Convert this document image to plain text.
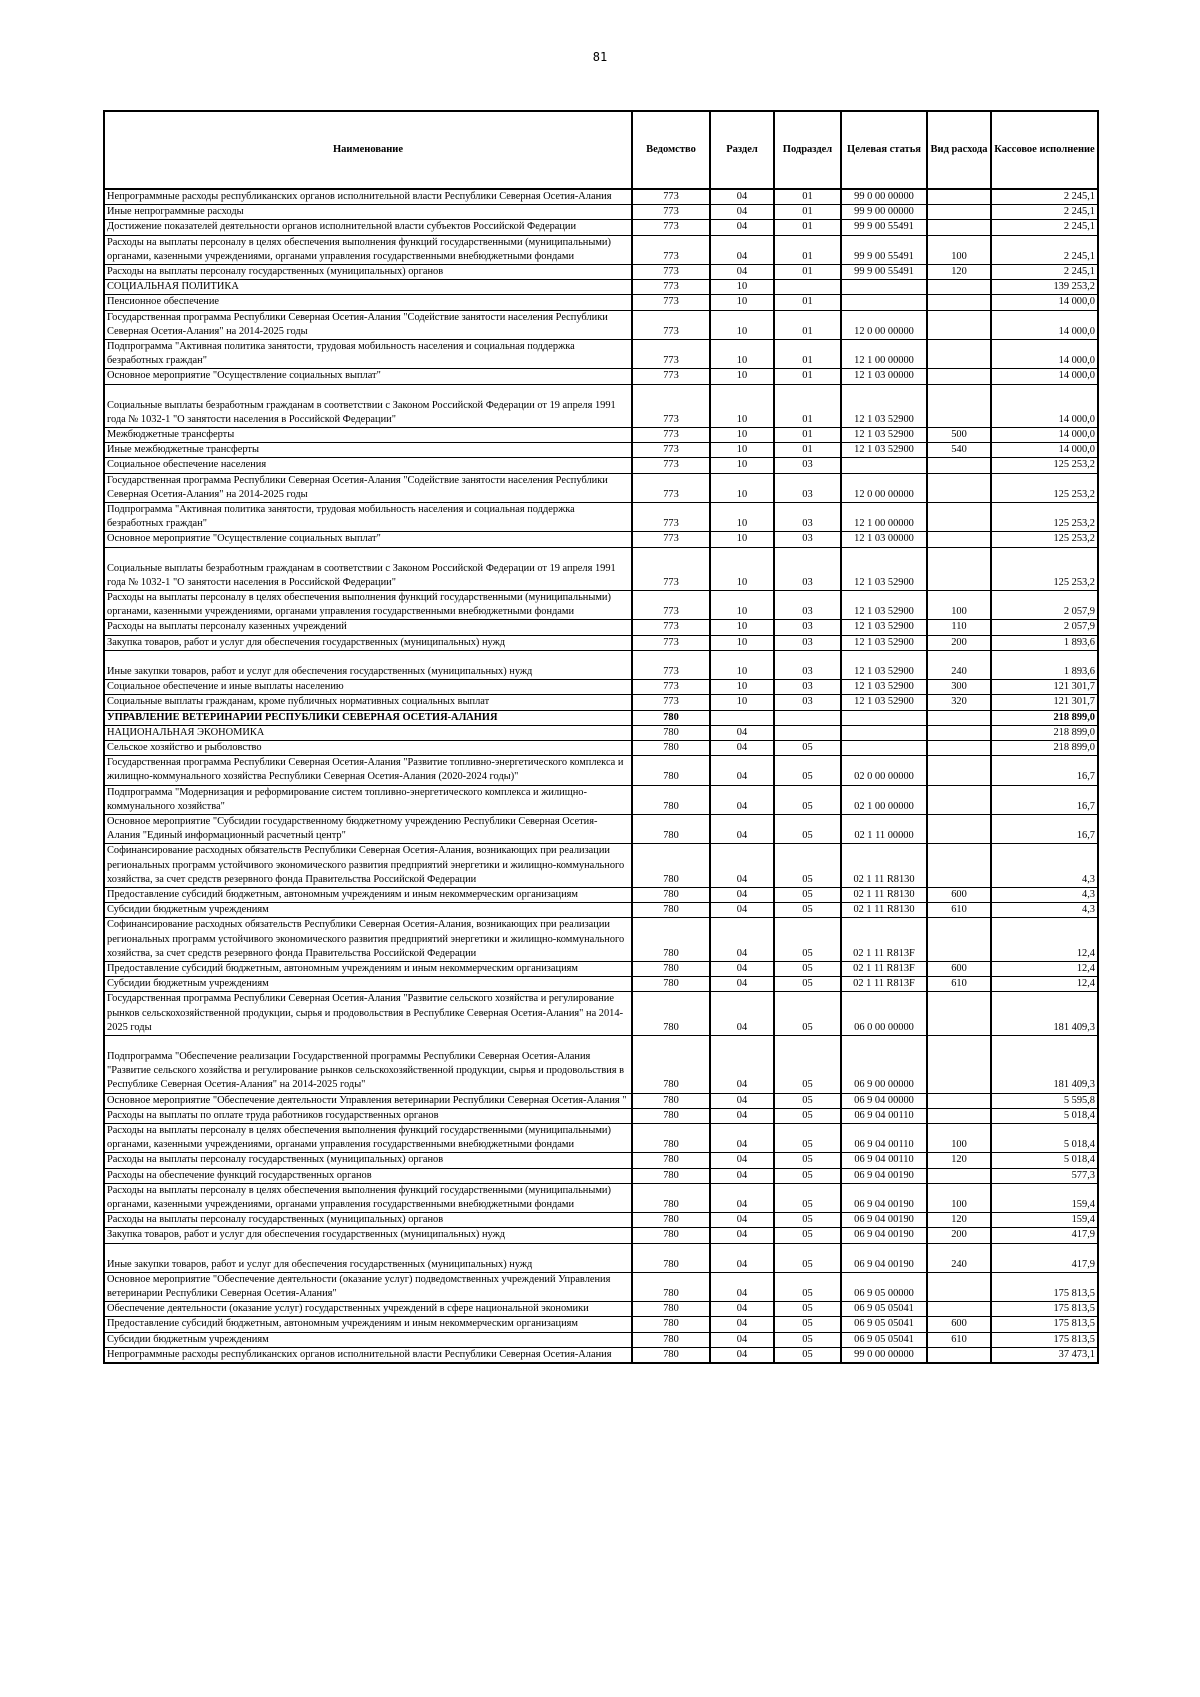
81
Наименование	Ведомство	Раздел	Подраздел	Целевая статья	Вид расхода	Кассовое исполнение
Непрограммные расходы республиканских органов исполнительной власти Республики Северная Осетия-Алания	773	04	01	99 0 00 00000		2 245,1
Иные непрограммные расходы	773	04	01	99 9 00 00000		2 245,1
Достижение показателей деятельности органов исполнительной власти субъектов Российской Федерации	773	04	01	99 9 00 55491		2 245,1
Расходы на выплаты персоналу в целях обеспечения выполнения функций государственными (муниципальными) органами, казенными учреждениями, органами управления государственными внебюджетными фондами	773	04	01	99 9 00 55491	100	2 245,1
Расходы на выплаты персоналу государственных (муниципальных) органов	773	04	01	99 9 00 55491	120	2 245,1
СОЦИАЛЬНАЯ ПОЛИТИКА	773	10				139 253,2
Пенсионное обеспечение	773	10	01			14 000,0
Государственная программа Республики Северная Осетия-Алания "Содействие занятости населения Республики Северная Осетия-Алания" на 2014-2025 годы	773	10	01	12 0 00 00000		14 000,0
Подпрограмма "Активная политика занятости, трудовая мобильность населения и социальная поддержка безработных граждан"	773	10	01	12 1 00 00000		14 000,0
Основное мероприятие "Осуществление социальных выплат"	773	10	01	12 1 03 00000		14 000,0
Социальные выплаты безработным гражданам в соответствии с Законом Российской Федерации от 19 апреля 1991 года № 1032-1 "О занятости населения в Российской Федерации"	773	10	01	12 1 03 52900		14 000,0
Межбюджетные трансферты	773	10	01	12 1 03 52900	500	14 000,0
Иные межбюджетные трансферты	773	10	01	12 1 03 52900	540	14 000,0
Социальное обеспечение населения	773	10	03			125 253,2
Государственная программа Республики Северная Осетия-Алания "Содействие занятости населения Республики Северная Осетия-Алания" на 2014-2025 годы	773	10	03	12 0 00 00000		125 253,2
Подпрограмма "Активная политика занятости, трудовая мобильность населения и социальная поддержка безработных граждан"	773	10	03	12 1 00 00000		125 253,2
Основное мероприятие "Осуществление социальных выплат"	773	10	03	12 1 03 00000		125 253,2
Социальные выплаты безработным гражданам в соответствии с Законом Российской Федерации от 19 апреля 1991 года № 1032-1 "О занятости населения в Российской Федерации"	773	10	03	12 1 03 52900		125 253,2
Расходы на выплаты персоналу в целях обеспечения выполнения функций государственными (муниципальными) органами, казенными учреждениями, органами управления государственными внебюджетными фондами	773	10	03	12 1 03 52900	100	2 057,9
Расходы на выплаты персоналу казенных учреждений	773	10	03	12 1 03 52900	110	2 057,9
Закупка товаров, работ и услуг для обеспечения государственных (муниципальных) нужд	773	10	03	12 1 03 52900	200	1 893,6
Иные закупки товаров, работ и услуг для обеспечения государственных (муниципальных) нужд	773	10	03	12 1 03 52900	240	1 893,6
Социальное обеспечение и иные выплаты населению	773	10	03	12 1 03 52900	300	121 301,7
Социальные выплаты гражданам, кроме публичных нормативных социальных выплат	773	10	03	12 1 03 52900	320	121 301,7
УПРАВЛЕНИЕ ВЕТЕРИНАРИИ РЕСПУБЛИКИ СЕВЕРНАЯ ОСЕТИЯ-АЛАНИЯ	780					218 899,0
НАЦИОНАЛЬНАЯ ЭКОНОМИКА	780	04				218 899,0
Сельское хозяйство и рыболовство	780	04	05			218 899,0
Государственная программа Республики Северная Осетия-Алания "Развитие топливно-энергетического комплекса и жилищно-коммунального хозяйства Республики Северная Осетия-Алания (2020-2024 годы)"	780	04	05	02 0 00 00000		16,7
Подпрограмма "Модернизация и реформирование систем топливно-энергетического комплекса и жилищно-коммунального хозяйства"	780	04	05	02 1 00 00000		16,7
Основное мероприятие "Субсидии государственному бюджетному учреждению Республики Северная Осетия-Алания "Единый информационный расчетный центр"	780	04	05	02 1 11 00000		16,7
Софинансирование расходных обязательств Республики Северная Осетия-Алания, возникающих при реализации региональных программ устойчивого экономического развития предприятий энергетики и жилищно-коммунального хозяйства, за счет средств резервного фонда Правительства Российской Федерации	780	04	05	02 1 11 R8130		4,3
Предоставление субсидий бюджетным, автономным учреждениям и иным некоммерческим организациям	780	04	05	02 1 11 R8130	600	4,3
Субсидии бюджетным учреждениям	780	04	05	02 1 11 R8130	610	4,3
Софинансирование расходных обязательств Республики Северная Осетия-Алания, возникающих при реализации региональных программ устойчивого экономического развития предприятий энергетики и жилищно-коммунального хозяйства, за счет средств резервного фонда Правительства Российской Федерации	780	04	05	02 1 11 R813F		12,4
Предоставление субсидий бюджетным, автономным учреждениям и иным некоммерческим организациям	780	04	05	02 1 11 R813F	600	12,4
Субсидии бюджетным учреждениям	780	04	05	02 1 11 R813F	610	12,4
Государственная программа Республики Северная Осетия-Алания "Развитие сельского хозяйства и регулирование рынков сельскохозяйственной продукции, сырья и продовольствия в Республике Северная Осетия-Алания" на 2014-2025 годы	780	04	05	06 0 00 00000		181 409,3
Подпрограмма "Обеспечение реализации Государственной программы Республики Северная Осетия-Алания "Развитие сельского хозяйства и регулирование рынков сельскохозяйственной продукции, сырья и продовольствия в Республике Северная Осетия-Алания" на 2014-2025 годы"	780	04	05	06 9 00 00000		181 409,3
Основное мероприятие "Обеспечение деятельности Управления ветеринарии Республики Северная Осетия-Алания "	780	04	05	06 9 04 00000		5 595,8
Расходы на выплаты по оплате труда работников государственных органов	780	04	05	06 9 04 00110		5 018,4
Расходы на выплаты персоналу в целях обеспечения выполнения функций государственными (муниципальными) органами, казенными учреждениями, органами управления государственными внебюджетными фондами	780	04	05	06 9 04 00110	100	5 018,4
Расходы на выплаты персоналу государственных (муниципальных) органов	780	04	05	06 9 04 00110	120	5 018,4
Расходы на обеспечение функций государственных органов	780	04	05	06 9 04 00190		577,3
Расходы на выплаты персоналу в целях обеспечения выполнения функций государственными (муниципальными) органами, казенными учреждениями, органами управления государственными внебюджетными фондами	780	04	05	06 9 04 00190	100	159,4
Расходы на выплаты персоналу государственных (муниципальных) органов	780	04	05	06 9 04 00190	120	159,4
Закупка товаров, работ и услуг для обеспечения государственных (муниципальных) нужд	780	04	05	06 9 04 00190	200	417,9
Иные закупки товаров, работ и услуг для обеспечения государственных (муниципальных) нужд	780	04	05	06 9 04 00190	240	417,9
Основное мероприятие "Обеспечение деятельности (оказание услуг) подведомственных учреждений Управления ветеринарии Республики Северная Осетия-Алания"	780	04	05	06 9 05 00000		175 813,5
Обеспечение деятельности (оказание услуг) государственных учреждений в сфере национальной экономики	780	04	05	06 9 05 05041		175 813,5
Предоставление субсидий бюджетным, автономным учреждениям и иным некоммерческим организациям	780	04	05	06 9 05 05041	600	175 813,5
Субсидии бюджетным учреждениям	780	04	05	06 9 05 05041	610	175 813,5
Непрограммные расходы республиканских органов исполнительной власти Республики Северная Осетия-Алания	780	04	05	99 0 00 00000		37 473,1
